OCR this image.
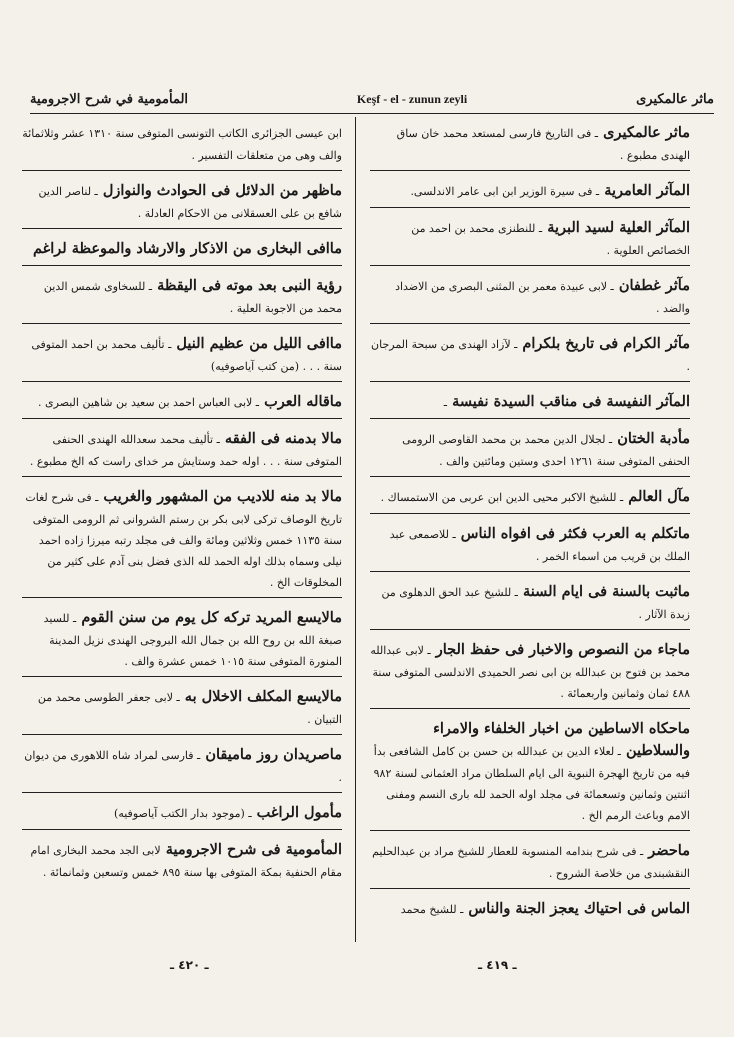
المأمومية في شرح الاجرومية	Keşf - el - zunun zeyli	ماثر عالمكيرى
ماثر عالمكيرى ـ فى التاريخ فارسى لمستعد محمد خان ساق الهندى مطبوع .
المآثر العامرية ـ فى سيرة الوزير ابن ابى عامر الاندلسى.
المآثر العلية لسيد البرية ـ للنطنزى محمد بن احمد من الخصائص العلوية .
مآثر غطفان ـ لابى عبيدة معمر بن المثنى البصرى من الاضداد والضد .
مآثر الكرام فى تاريخ بلكرام ـ لآزاد الهندى من سبحة المرجان .
المآثر النفيسة فى مناقب السيدة نفيسة ـ
مأدبة الختان ـ لجلال الدين محمد بن محمد القاوصى الرومى الحنفى المتوفى سنة ١٢٦١ احدى وستين ومائتين والف .
مآل العالم ـ للشيخ الاكبر محيى الدين ابن عربى من الاستمساك .
ماتكلم به العرب فكثر فى افواه الناس ـ للاصمعى عبد الملك بن قريب من اسماء الخمر .
ماثبت بالسنة فى ايام السنة ـ للشيخ عبد الحق الدهلوى من زبدة الآثار .
ماجاء من النصوص والاخبار فى حفظ الجار ـ لابى عبدالله محمد بن فتوح بن عبدالله بن ابى نصر الحميدى الاندلسى المتوفى سنة ٤٨٨ ثمان وثمانين واربعمائة .
ماحكاه الاساطين من اخبار الخلفاء والامراء والسلاطين ـ لعلاء الدين بن عبدالله بن حسن بن كامل الشافعى بدأ فيه من تاريخ الهجرة النبوية الى ايام السلطان مراد العثمانى لسنة ٩٨٢ اثنتين وثمانين وتسعمائة فى مجلد اوله الحمد لله بارى النسم ومفنى الامم وباعث الرمم الخ .
ماحضر ـ فى شرح بندامه المنسوبة للعطار للشيخ مراد بن عبدالحليم النقشبندى من خلاصة الشروح .
الماس فى احتياك يعجز الجنة والناس ـ للشيخ محمد
ابن عيسى الجزائرى الكاتب التونسى المتوفى سنة ١٣١٠ عشر وثلاثمائة والف وهى من متعلقات التفسير .
ماظهر من الدلائل فى الحوادث والنوازل ـ لناصر الدين شافع بن على العسقلانى من الاحكام العادلة .
ماافى البخارى من الاذكار والارشاد والموعظة لراغم
رؤية النبى بعد موته فى اليقظة ـ للسخاوى شمس الدين محمد من الاجوبة العلية .
ماافى الليل من عظيم النيل ـ تأليف محمد بن احمد المتوفى سنة . . . (من كتب آياصوفيه)
ماقاله العرب ـ لابى العباس احمد بن سعيد بن شاهين البصرى .
مالا بدمنه فى الفقه ـ تأليف محمد سعدالله الهندى الحنفى المتوفى سنة . . . اوله حمد وستايش مر خداى راست كه الخ مطبوع .
مالا بد منه للاديب من المشهور والغريب ـ فى شرح لغات تاريخ الوصاف تركى لابى بكر بن رستم الشروانى ثم الرومى المتوفى سنة ١١٣٥ خمس وثلاثين ومائة والف فى مجلد رتبه ميرزا زاده احمد نيلى وسماه بذلك اوله الحمد لله الذى فضل بنى آدم على كثير من المخلوقات الخ .
مالايسع المريد تركه كل يوم من سنن القوم ـ للسيد صبغة الله بن روح الله بن جمال الله البروجى الهندى نزيل المدينة المنورة المتوفى سنة ١٠١٥ خمس عشرة والف .
مالايسع المكلف الاخلال به ـ لابى جعفر الطوسى محمد من التبيان .
ماصريدان روز ماميقان ـ فارسى لمراد شاه اللاهورى من ديوان .
مأمول الراغب ـ (موجود بدار الكتب آياصوفيه)
المأمومية فى شرح الاجرومية لابى الجد محمد البخارى امام مقام الحنفية بمكة المتوفى بها سنة ٨٩٥ خمس وتسعين وثمانمائة .
ـ ٤١٩ ـ
ـ ٤٢٠ ـ
